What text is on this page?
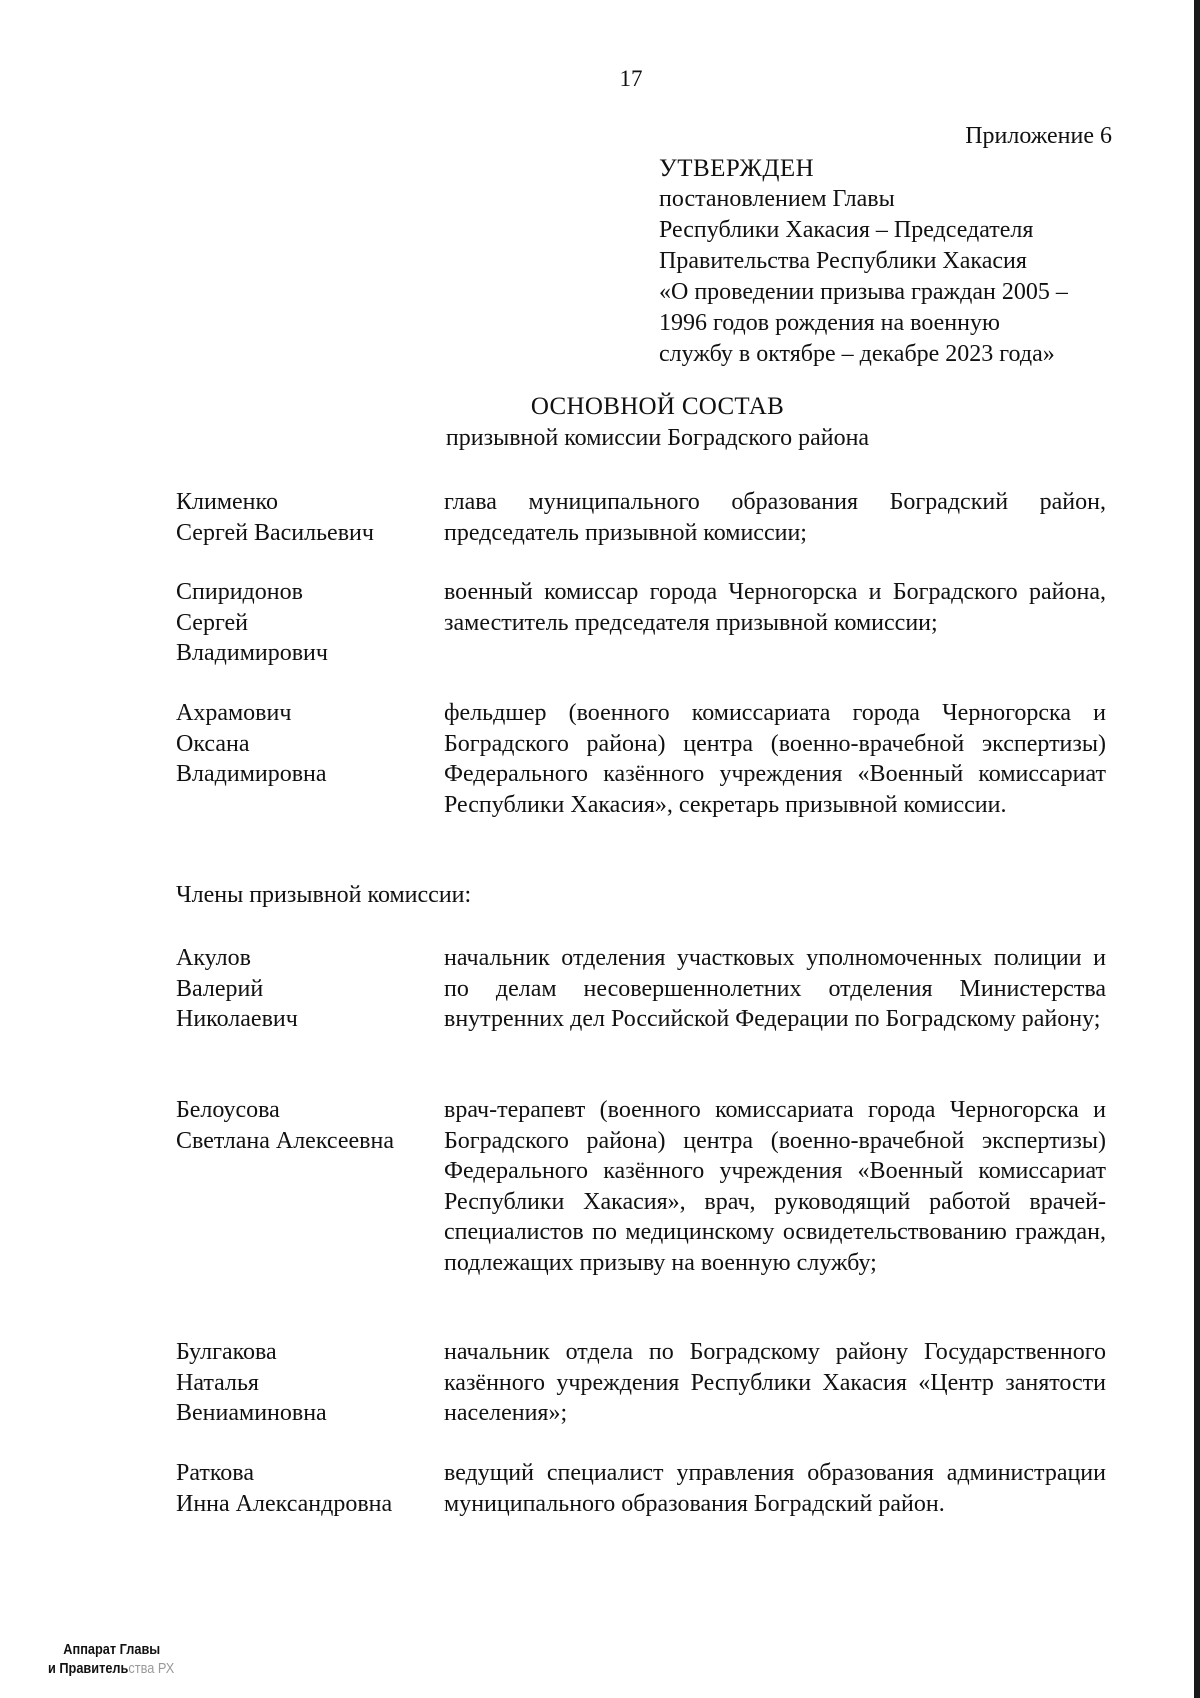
17
Приложение 6
УТВЕРЖДЕН
постановлением Главы
Республики Хакасия – Председателя
Правительства Республики Хакасия
«О проведении призыва граждан 2005 –
1996 годов рождения на военную
службу в октябре – декабре 2023 года»
ОСНОВНОЙ СОСТАВ
призывной комиссии Боградского района
Клименко
Сергей Васильевич
глава муниципального образования Боградский район, председатель призывной комиссии;
Спиридонов
Сергей
Владимирович
военный комиссар города Черногорска и Боградского района, заместитель председателя призывной комиссии;
Ахрамович
Оксана
Владимировна
фельдшер (военного комиссариата города Черногорска и Боградского района) центра (военно-врачебной экспертизы) Федерального казённого учреждения «Военный комиссариат Республики Хакасия», секретарь призывной комиссии.
Члены призывной комиссии:
Акулов
Валерий
Николаевич
начальник отделения участковых уполномоченных полиции и по делам несовершеннолетних отделения Министерства внутренних дел Российской Федерации по Боградскому району;
Белоусова
Светлана Алексеевна
врач-терапевт (военного комиссариата города Черногорска и Боградского района) центра (военно-врачебной экспертизы) Федерального казённого учреждения «Военный комиссариат Республики Хакасия», врач, руководящий работой врачей-специалистов по медицинскому освидетельствованию граждан, подлежащих призыву на военную службу;
Булгакова
Наталья
Вениаминовна
начальник отдела по Боградскому району Государственного казённого учреждения Республики Хакасия «Центр занятости населения»;
Раткова
Инна Александровна
ведущий специалист управления образования администрации муниципального образования Боградский район.
Аппарат Главы
и Правительства РХ
